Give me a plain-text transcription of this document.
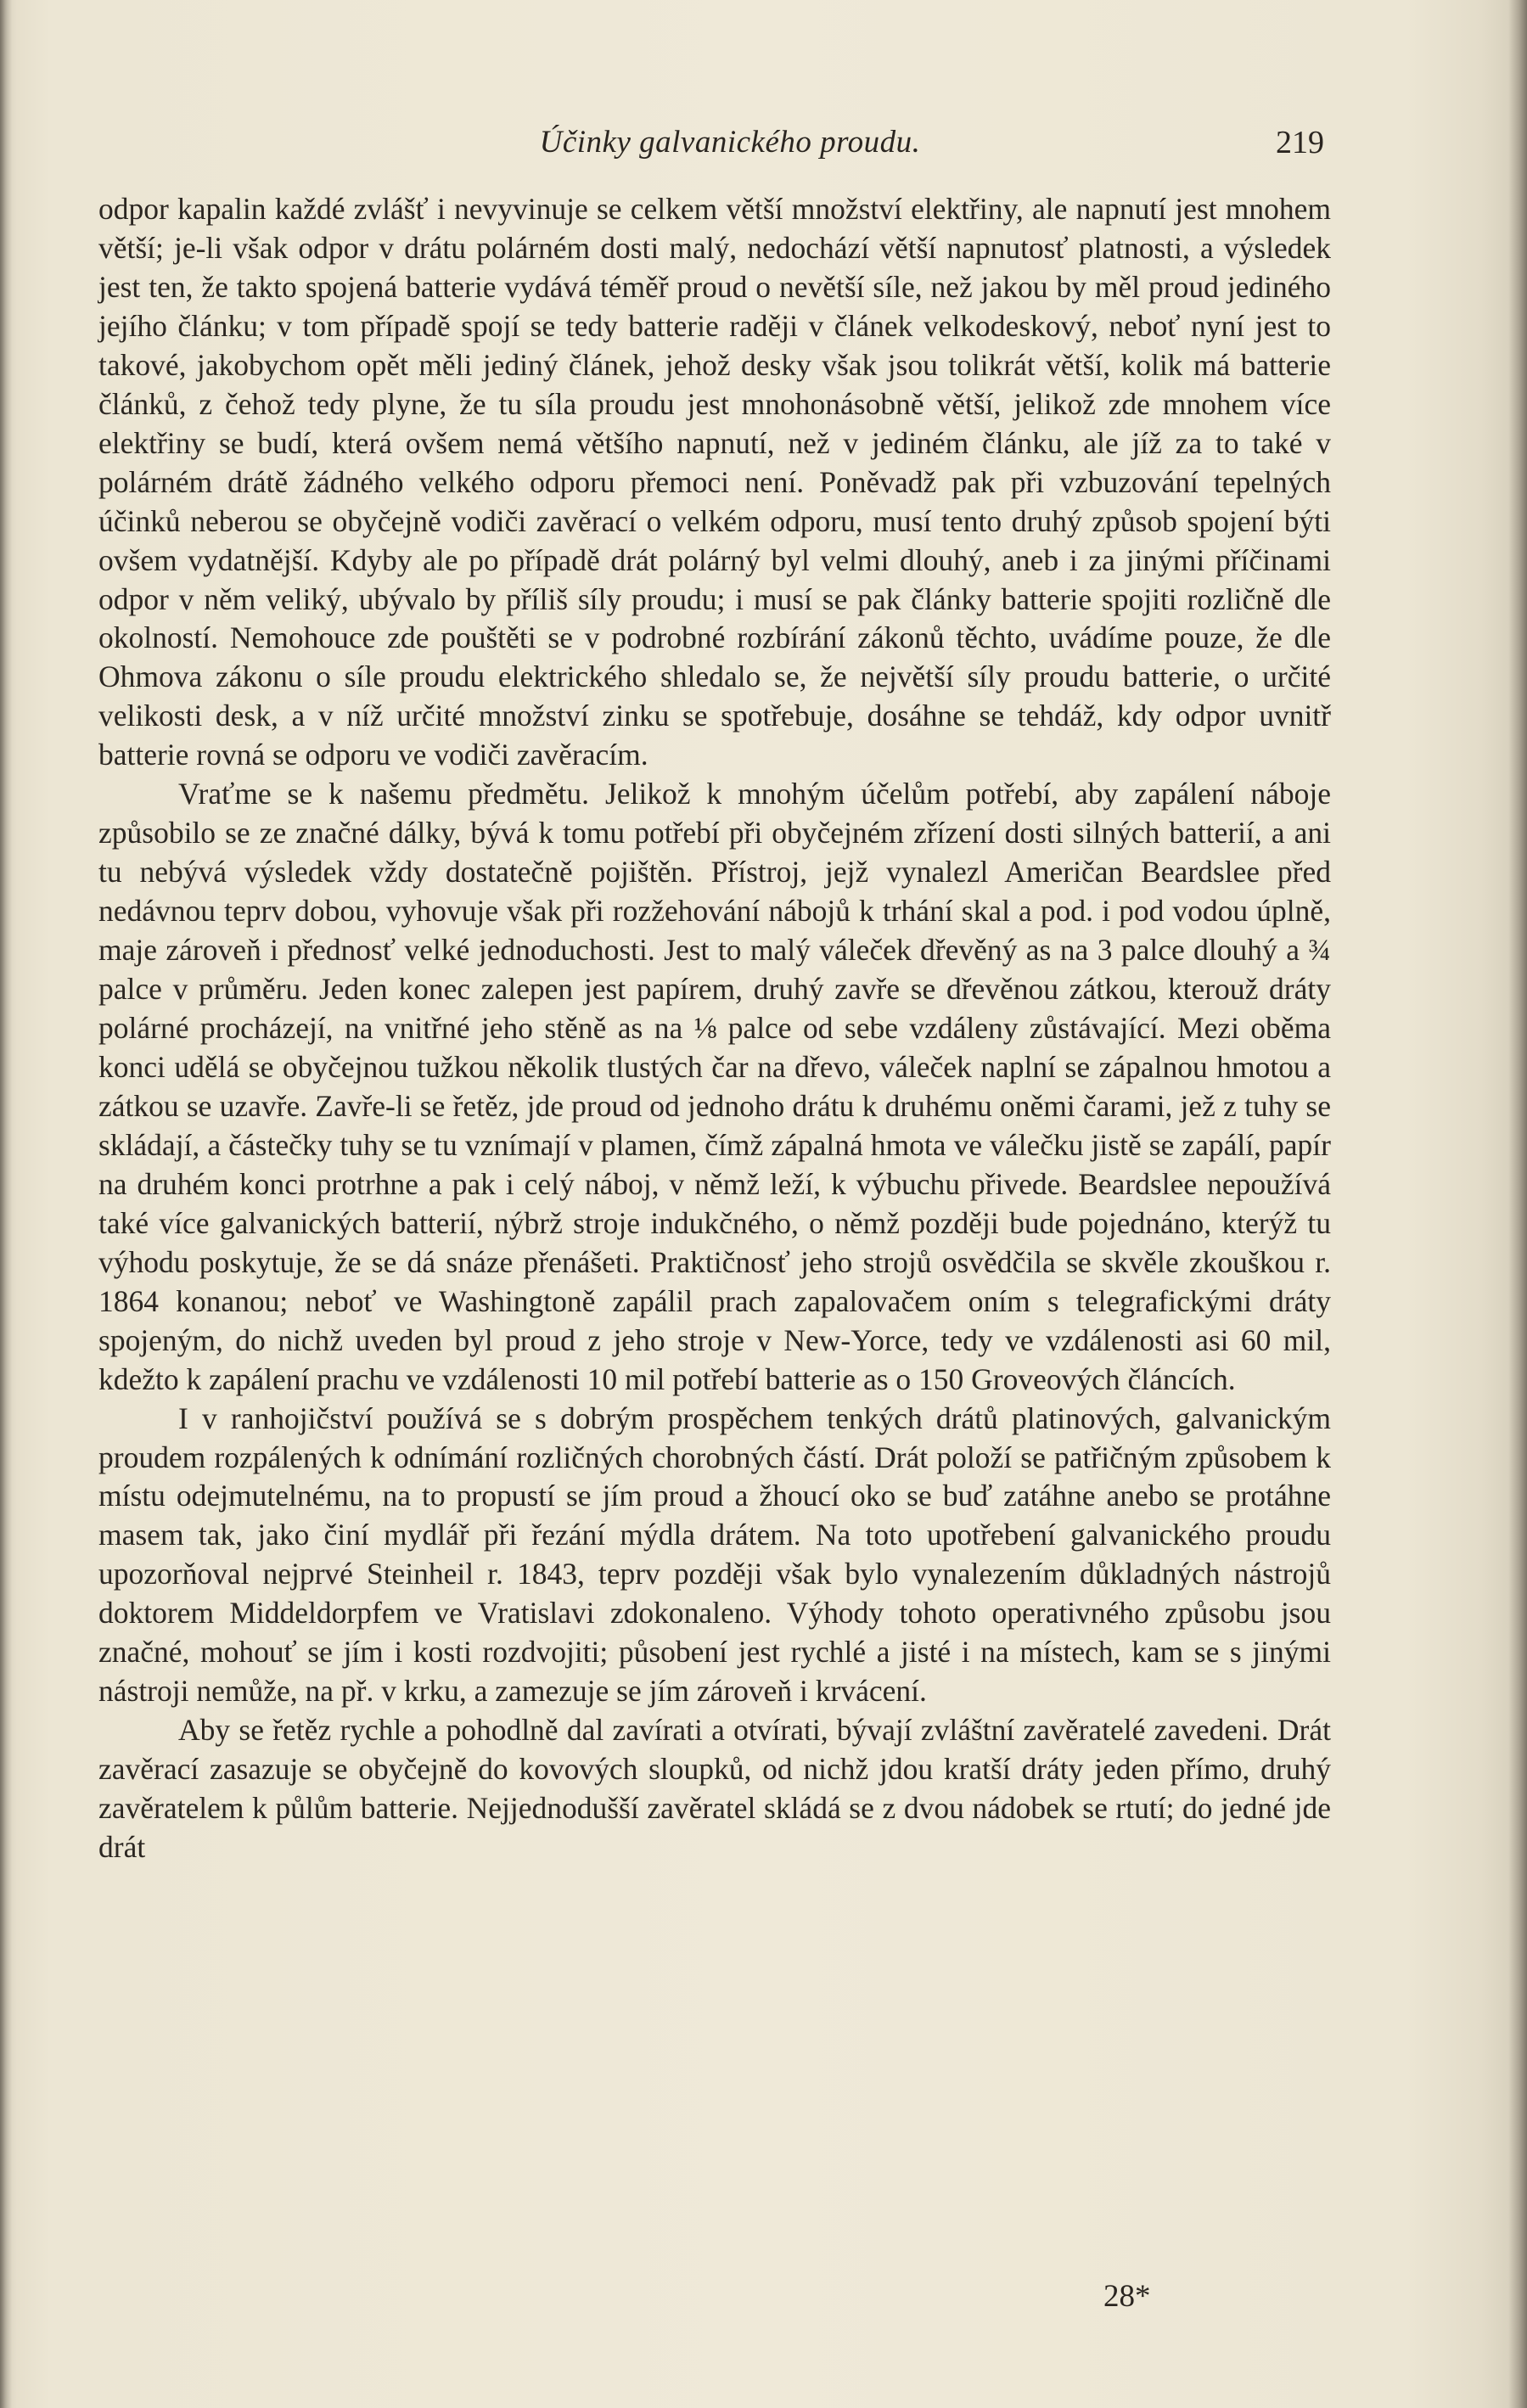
Účinky galvanického proudu.	219

odpor kapalin každé zvlášť i nevyvinuje se celkem větší množství elektřiny, ale napnutí jest mnohem větší; je-li však odpor v drátu polárném dosti malý, nedochází větší napnutosť platnosti, a výsledek jest ten, že takto spojená batterie vydává téměř proud o nevětší síle, než jakou by měl proud jediného jejího článku; v tom případě spojí se tedy batterie raději v článek velkodeskový, neboť nyní jest to takové, jakobychom opět měli jediný článek, jehož desky však jsou tolikrát větší, kolik má batterie článků, z čehož tedy plyne, že tu síla proudu jest mnohonásobně větší, jelikož zde mnohem více elektřiny se budí, která ovšem nemá většího napnutí, než v jediném článku, ale jíž za to také v polárném drátě žádného velkého odporu přemoci není. Poněvadž pak při vzbuzování tepelných účinků neberou se obyčejně vodiči zavěrací o velkém odporu, musí tento druhý způsob spojení býti ovšem vydatnější. Kdyby ale po případě drát polárný byl velmi dlouhý, aneb i za jinými příčinami odpor v něm veliký, ubývalo by příliš síly proudu; i musí se pak články batterie spojiti rozličně dle okolností. Nemohouce zde pouštěti se v podrobné rozbírání zákonů těchto, uvádíme pouze, že dle Ohmova zákonu o síle proudu elektrického shledalo se, že největší síly proudu batterie, o určité velikosti desk, a v níž určité množství zinku se spotřebuje, dosáhne se tehdáž, kdy odpor uvnitř batterie rovná se odporu ve vodiči zavěracím.

Vraťme se k našemu předmětu. Jelikož k mnohým účelům potřebí, aby zapálení náboje způsobilo se ze značné dálky, bývá k tomu potřebí při obyčejném zřízení dosti silných batterií, a ani tu nebývá výsledek vždy dostatečně pojištěn. Přístroj, jejž vynalezl Američan Beardslee před nedávnou teprv dobou, vyhovuje však při rozžehování nábojů k trhání skal a pod. i pod vodou úplně, maje zároveň i přednosť velké jednoduchosti. Jest to malý váleček dřevěný as na 3 palce dlouhý a ¾ palce v průměru. Jeden konec zalepen jest papírem, druhý zavře se dřevěnou zátkou, kterouž dráty polárné procházejí, na vnitřné jeho stěně as na ⅛ palce od sebe vzdáleny zůstávající. Mezi oběma konci udělá se obyčejnou tužkou několik tlustých čar na dřevo, váleček naplní se zápalnou hmotou a zátkou se uzavře. Zavře-li se řetěz, jde proud od jednoho drátu k druhému oněmi čarami, jež z tuhy se skládají, a částečky tuhy se tu vznímají v plamen, čímž zápalná hmota ve válečku jistě se zapálí, papír na druhém konci protrhne a pak i celý náboj, v němž leží, k výbuchu přivede. Beardslee nepoužívá také více galvanických batterií, nýbrž stroje indukčného, o němž později bude pojednáno, kterýž tu výhodu poskytuje, že se dá snáze přenášeti. Praktičnosť jeho strojů osvědčila se skvěle zkouškou r. 1864 konanou; neboť ve Washingtoně zapálil prach zapalovačem oním s telegrafickými dráty spojeným, do nichž uveden byl proud z jeho stroje v New-Yorce, tedy ve vzdálenosti asi 60 mil, kdežto k zapálení prachu ve vzdálenosti 10 mil potřebí batterie as o 150 Groveových článcích.

I v ranhojičství používá se s dobrým prospěchem tenkých drátů platinových, galvanickým proudem rozpálených k odnímání rozličných chorobných částí. Drát položí se patřičným způsobem k místu odejmutelnému, na to propustí se jím proud a žhoucí oko se buď zatáhne anebo se protáhne masem tak, jako činí mydlář při řezání mýdla drátem. Na toto upotřebení galvanického proudu upozorňoval nejprvé Steinheil r. 1843, teprv později však bylo vynalezením důkladných nástrojů doktorem Middeldorpfem ve Vratislavi zdokonaleno. Výhody tohoto operativného způsobu jsou značné, mohouť se jím i kosti rozdvojiti; působení jest rychlé a jisté i na místech, kam se s jinými nástroji nemůže, na př. v krku, a zamezuje se jím zároveň i krvácení.

Aby se řetěz rychle a pohodlně dal zavírati a otvírati, bývají zvláštní zavěratelé zavedeni. Drát zavěrací zasazuje se obyčejně do kovových sloupků, od nichž jdou kratší dráty jeden přímo, druhý zavěratelem k půlům batterie. Nejjednodušší zavěratel skládá se z dvou nádobek se rtutí; do jedné jde drát

28*
